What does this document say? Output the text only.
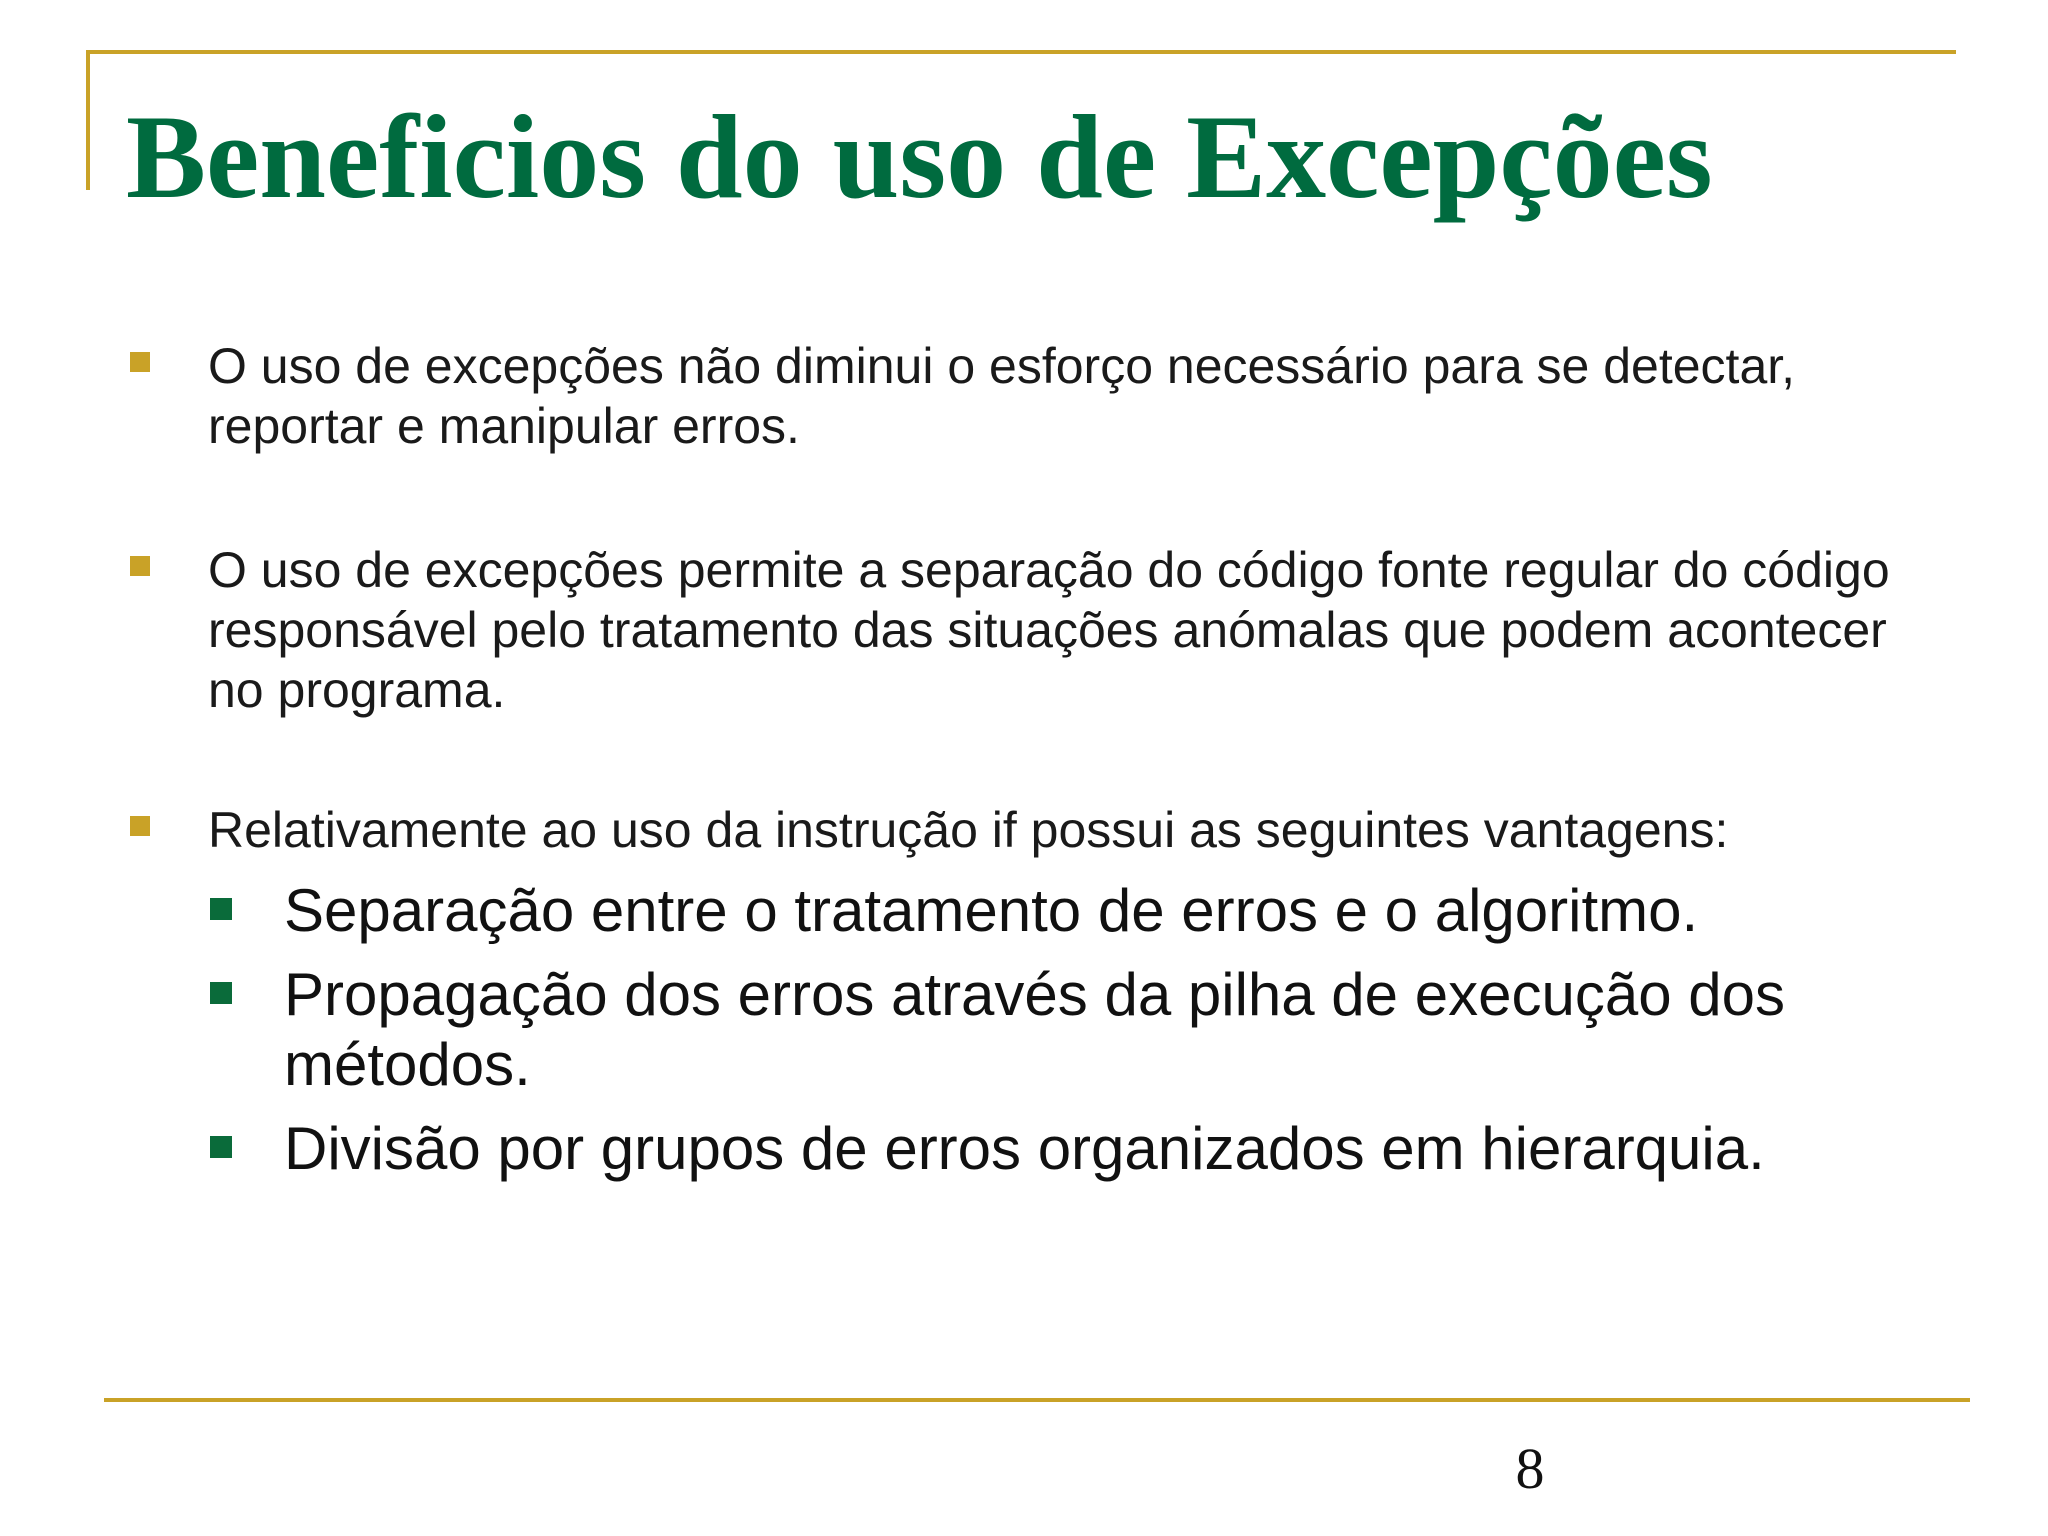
Beneficios do uso de Excepções
O uso de excepções não diminui o esforço necessário para se detectar, reportar e manipular erros.
O uso de excepções permite a separação do código fonte regular do código responsável pelo tratamento das situações anómalas que podem acontecer no programa.
Relativamente ao uso da instrução if possui as seguintes vantagens:
Separação entre o tratamento de erros e o algoritmo.
Propagação dos erros através da pilha de execução dos métodos.
Divisão por grupos de erros organizados em hierarquia.
8
